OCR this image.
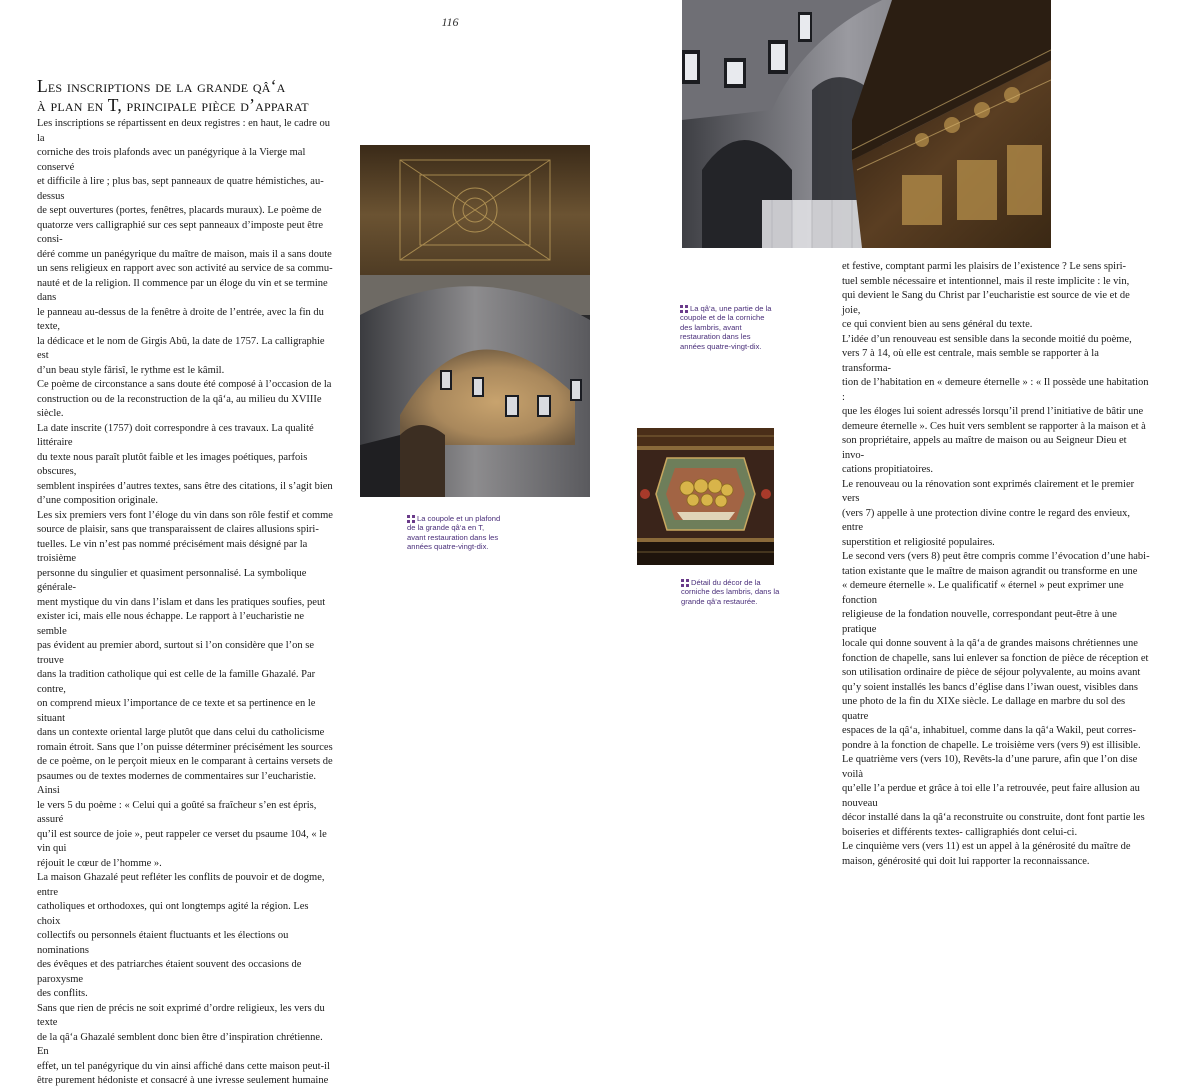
116
Les inscriptions de la grande qâ‘a
à plan en T, principale pièce d’apparat

Les inscriptions se répartissent en deux registres : en haut, le cadre ou la

corniche des trois plafonds avec un panégyrique à la Vierge mal conservé

et difficile à lire ; plus bas, sept panneaux de quatre hémistiches, au-dessus

de sept ouvertures (portes, fenêtres, placards muraux). Le poème de

quatorze vers calligraphié sur ces sept panneaux d’imposte peut être consi-

déré comme un panégyrique du maître de maison, mais il a sans doute

un sens religieux en rapport avec son activité au service de sa commu-

nauté et de la religion. Il commence par un éloge du vin et se termine dans

le panneau au-dessus de la fenêtre à droite de l’entrée, avec la fin du texte,

la dédicace et le nom de Girgis Abû, la date de 1757. La calligraphie est

d’un beau style fârisî, le rythme est le kâmil.

Ce poème de circonstance a sans doute été composé à l’occasion de la

construction ou de la reconstruction de la qâ‘a, au milieu du XVIIIe siècle.

La date inscrite (1757) doit correspondre à ces travaux. La qualité littéraire

du texte nous paraît plutôt faible et les images poétiques, parfois obscures,

semblent inspirées d’autres textes, sans être des citations, il s’agit bien

d’une composition originale.

Les six premiers vers font l’éloge du vin dans son rôle festif et comme

source de plaisir, sans que transparaissent de claires allusions spiri-

tuelles. Le vin n’est pas nommé précisément mais désigné par la troisième

personne du singulier et quasiment personnalisé. La symbolique générale-

ment mystique du vin dans l’islam et dans les pratiques soufies, peut

exister ici, mais elle nous échappe. Le rapport à l’eucharistie ne semble

pas évident au premier abord, surtout si l’on considère que l’on se trouve

dans la tradition catholique qui est celle de la famille Ghazalé. Par contre,

on comprend mieux l’importance de ce texte et sa pertinence en le situant

dans un contexte oriental large plutôt que dans celui du catholicisme

romain étroit. Sans que l’on puisse déterminer précisément les sources

de ce poème, on le perçoit mieux en le comparant à certains versets de

psaumes ou de textes modernes de commentaires sur l’eucharistie. Ainsi

le vers 5 du poème : « Celui qui a goûté sa fraîcheur s’en est épris, assuré

qu’il est source de joie », peut rappeler ce verset du psaume 104, « le vin qui

réjouit le cœur de l’homme ».

La maison Ghazalé peut refléter les conflits de pouvoir et de dogme, entre

catholiques et orthodoxes, qui ont longtemps agité la région. Les choix

collectifs ou personnels étaient fluctuants et les élections ou nominations

des évêques et des patriarches étaient souvent des occasions de paroxysme

des conflits.

Sans que rien de précis ne soit exprimé d’ordre religieux, les vers du texte

de la qâ‘a Ghazalé semblent donc bien être d’inspiration chrétienne. En

effet, un tel panégyrique du vin ainsi affiché dans cette maison peut-il

être purement hédoniste et consacré à une ivresse seulement humaine

La coupole et un plafond de la grande qâ‘a en T, avant restauration dans les années quatre-vingt-dix.
La qâ‘a, une partie de la coupole et de la corniche des lambris, avant restauration dans les années quatre-vingt-dix.
Détail du décor de la corniche des lambris, dans la grande qâ‘a restaurée.

et festive, comptant parmi les plaisirs de l’existence ? Le sens spiri-

tuel semble nécessaire et intentionnel, mais il reste implicite : le vin,

qui devient le Sang du Christ par l’eucharistie est source de vie et de joie,

ce qui convient bien au sens général du texte.

L’idée d’un renouveau est sensible dans la seconde moitié du poème,

vers 7 à 14, où elle est centrale, mais semble se rapporter à la transforma-

tion de l’habitation en « demeure éternelle » : « Il possède une habitation :

que les éloges lui soient adressés lorsqu’il prend l’initiative de bâtir une

demeure éternelle ». Ces huit vers semblent se rapporter à la maison et à

son propriétaire, appels au maître de maison ou au Seigneur Dieu et invo-

cations propitiatoires.

Le renouveau ou la rénovation sont exprimés clairement et le premier vers

(vers 7) appelle à une protection divine contre le regard des envieux, entre

superstition et religiosité populaires.

Le second vers (vers 8) peut être compris comme l’évocation d’une habi-

tation existante que le maître de maison agrandit ou transforme en une

« demeure éternelle ». Le qualificatif « éternel » peut exprimer une fonction

religieuse de la fondation nouvelle, correspondant peut-être à une pratique

locale qui donne souvent à la qâ‘a de grandes maisons chrétiennes une

fonction de chapelle, sans lui enlever sa fonction de pièce de réception et

son utilisation ordinaire de pièce de séjour polyvalente, au moins avant

qu’y soient installés les bancs d’église dans l’iwan ouest, visibles dans

une photo de la fin du XIXe siècle. Le dallage en marbre du sol des quatre

espaces de la qâ‘a, inhabituel, comme dans la qâ‘a Wakil, peut corres-

pondre à la fonction de chapelle. Le troisième vers (vers 9) est illisible.

Le quatrième vers (vers 10), Revêts-la d’une parure, afin que l’on dise voilà

qu’elle l’a perdue et grâce à toi elle l’a retrouvée, peut faire allusion au nouveau

décor installé dans la qâ‘a reconstruite ou construite, dont font partie les

boiseries et différents textes- calligraphiés dont celui-ci.

Le cinquième vers (vers 11) est un appel à la générosité du maître de

maison, générosité qui doit lui rapporter la reconnaissance.
